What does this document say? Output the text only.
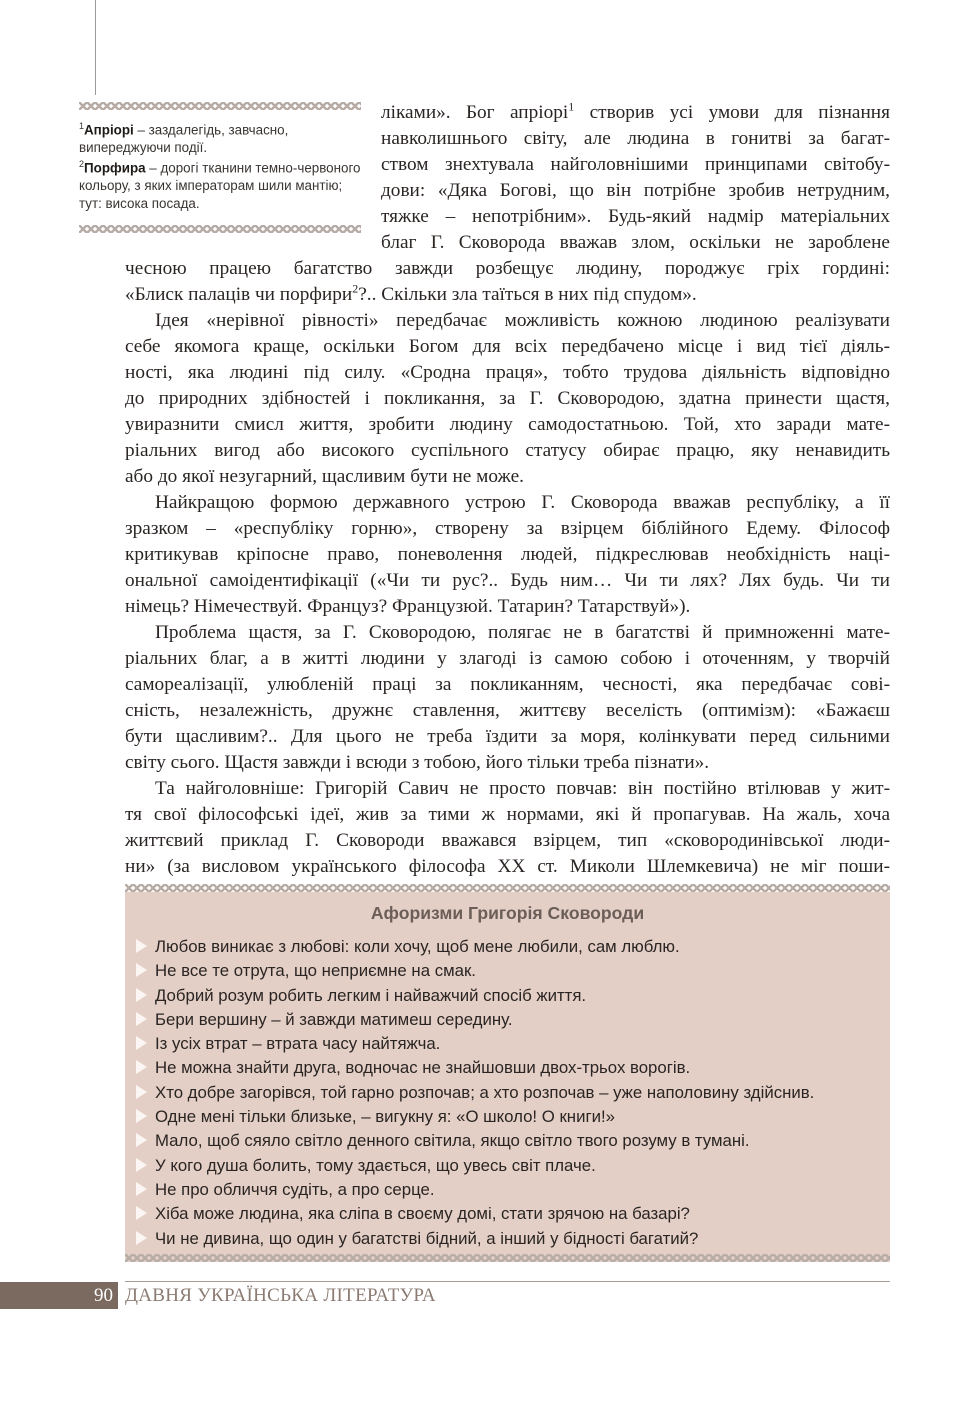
$^1$Апріорі – заздалегідь, завчасно, випереджуючи події.

$^2$Порфира – дорогі тканини темно-червоного кольору, з яких імператорам шили мантію; тут: висока посада.

ліками». Бог апріорі$^1$ створив усі умови для пізнання
навколишнього світу, але людина в гонитві за багат-
ством знехтувала найголовнішими принципами світобу-
дови: «Дяка Богові, що він потрібне зробив нетрудним,
тяжке – непотрібним». Будь-який надмір матеріальних
благ Г. Сковорода вважав злом, оскільки не зароблене
чесною працею багатство завжди розбещує людину, породжує гріх гордині:
«Блиск палаців чи порфири$^2$?.. Скільки зла таїться в них під спудом».
Ідея «нерівної рівності» передбачає можливість кожною людиною реалізувати
себе якомога краще, оскільки Богом для всіх передбачено місце і вид тієї діяль-
ності, яка людині під силу. «Сродна праця», тобто трудова діяльність відповідно
до природних здібностей і покликання, за Г. Сковородою, здатна принести щастя,
увиразнити смисл життя, зробити людину самодостатньою. Той, хто заради мате-
ріальних вигод або високого суспільного статусу обирає працю, яку ненавидить
або до якої незугарний, щасливим бути не може.
Найкращою формою державного устрою Г. Сковорода вважав республіку, а її
зразком – «республіку горню», створену за взірцем біблійного Едему. Філософ
критикував кріпосне право, поневолення людей, підкреслював необхідність наці-
ональної самоідентифікації («Чи ти рус?.. Будь ним… Чи ти лях? Лях будь. Чи ти
німець? Німечествуй. Француз? Французюй. Татарин? Татарствуй»).
Проблема щастя, за Г. Сковородою, полягає не в багатстві й примноженні мате-
ріальних благ, а в житті людини у злагоді із самою собою і оточенням, у творчій
самореалізації, улюбленій праці за покликанням, чесності, яка передбачає сові-
сність, незалежність, дружнє ставлення, життєву веселість (оптимізм): «Бажаєш
бути щасливим?.. Для цього не треба їздити за моря, колінкувати перед сильними
світу сього. Щастя завжди і всюди з тобою, його тільки треба пізнати».
Та найголовніше: Григорій Савич не просто повчав: він постійно втілював у жит-
тя свої філософські ідеї, жив за тими ж нормами, які й пропагував. На жаль, хоча
життєвий приклад Г. Сковороди вважався взірцем, тип «сковородинівської люди-
ни» (за висловом українського філософа ХХ ст. Миколи Шлемкевича) не міг поши-
Афоризми Григорія Сковороди
Любов виникає з любові: коли хочу, щоб мене любили, сам люблю.
Не все те отрута, що неприємне на смак.
Добрий розум робить легким і найважчий спосіб життя.
Бери вершину – й завжди матимеш середину.
Із усіх втрат – втрата часу найтяжча.
Не можна знайти друга, водночас не знайшовши двох-трьох ворогів.
Хто добре загорівся, той гарно розпочав; а хто розпочав – уже наполовину здійснив.
Одне мені тільки близьке, – вигукну я: «О школо! О книги!»
Мало, щоб сяяло світло денного світила, якщо світло твого розуму в тумані.
У кого душа болить, тому здається, що увесь світ плаче.
Не про обличчя судіть, а про серце.
Хіба може людина, яка сліпа в своєму домі, стати зрячою на базарі?
Чи не дивина, що один у багатстві бідний, а інший у бідності багатий?
90 ДАВНЯ УКРАЇНСЬКА ЛІТЕРАТУРА
